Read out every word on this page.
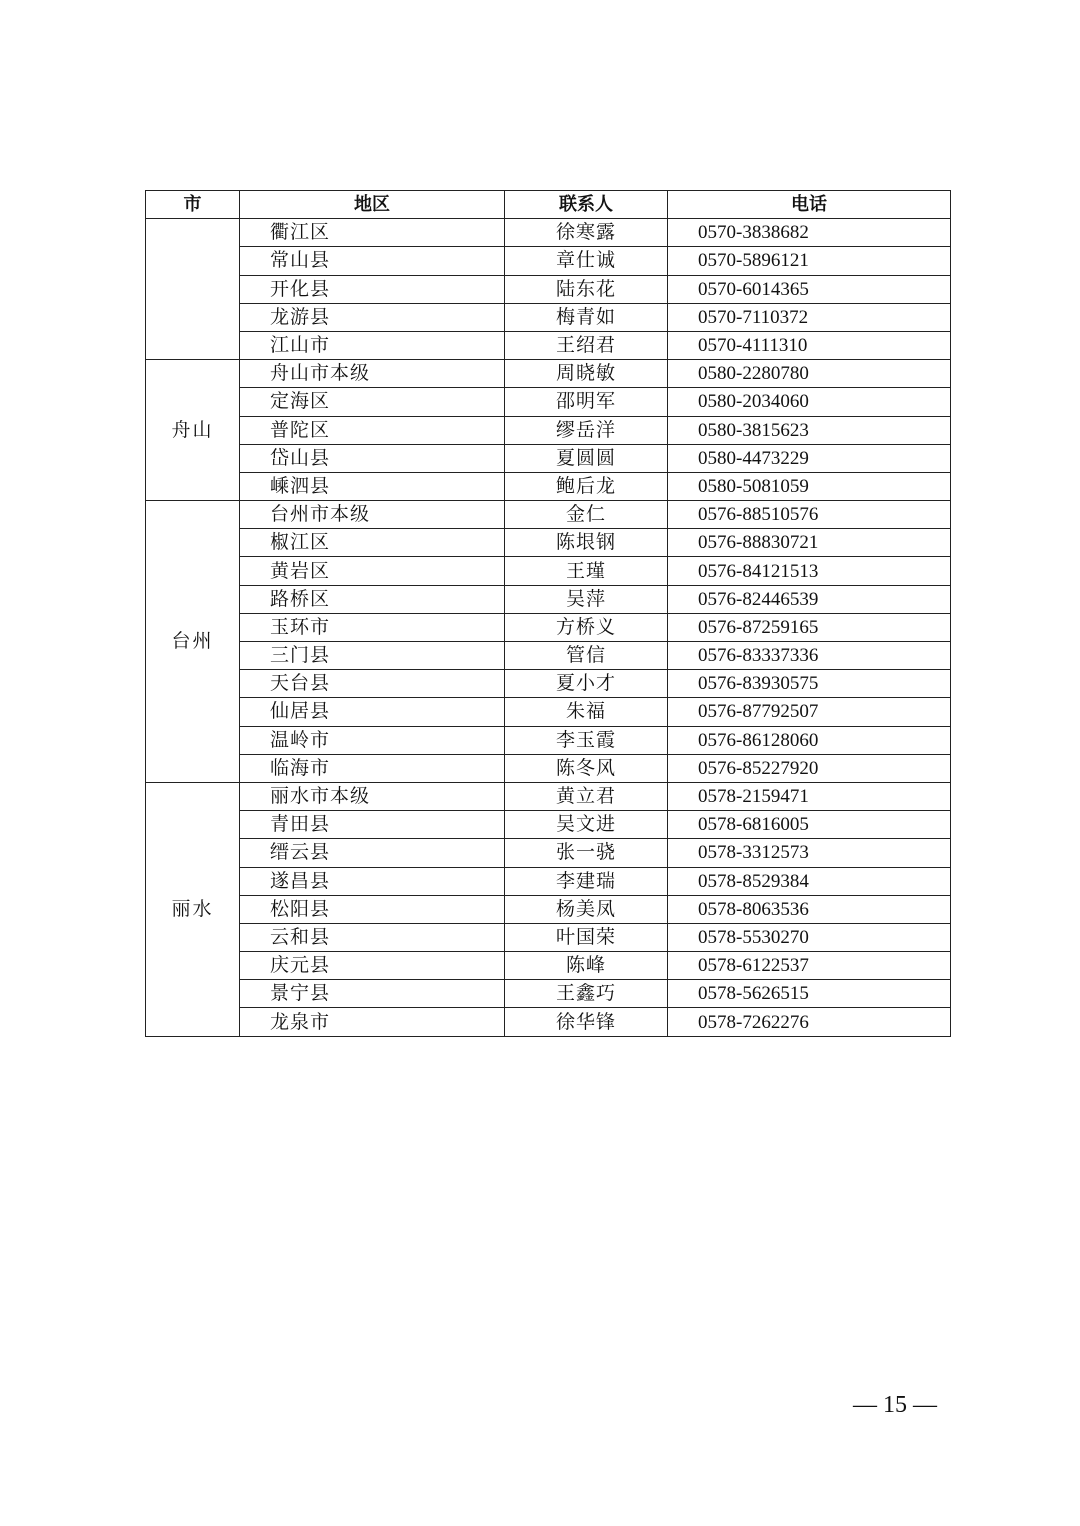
市	地区	联系人	电话
	衢江区	徐寒露	0570-3838682
	常山县	章仕诚	0570-5896121
	开化县	陆东花	0570-6014365
	龙游县	梅青如	0570-7110372
	江山市	王绍君	0570-4111310
舟山	舟山市本级	周晓敏	0580-2280780
	定海区	邵明军	0580-2034060
	普陀区	缪岳洋	0580-3815623
	岱山县	夏圆圆	0580-4473229
	嵊泗县	鲍后龙	0580-5081059
台州	台州市本级	金仁	0576-88510576
	椒江区	陈垠钢	0576-88830721
	黄岩区	王瑾	0576-84121513
	路桥区	吴萍	0576-82446539
	玉环市	方桥义	0576-87259165
	三门县	管信	0576-83337336
	天台县	夏小才	0576-83930575
	仙居县	朱福	0576-87792507
	温岭市	李玉霞	0576-86128060
	临海市	陈冬风	0576-85227920
丽水	丽水市本级	黄立君	0578-2159471
	青田县	吴文进	0578-6816005
	缙云县	张一骁	0578-3312573
	遂昌县	李建瑞	0578-8529384
	松阳县	杨美凤	0578-8063536
	云和县	叶国荣	0578-5530270
	庆元县	陈峰	0578-6122537
	景宁县	王鑫巧	0578-5626515
	龙泉市	徐华锋	0578-7262276
— 15 —
